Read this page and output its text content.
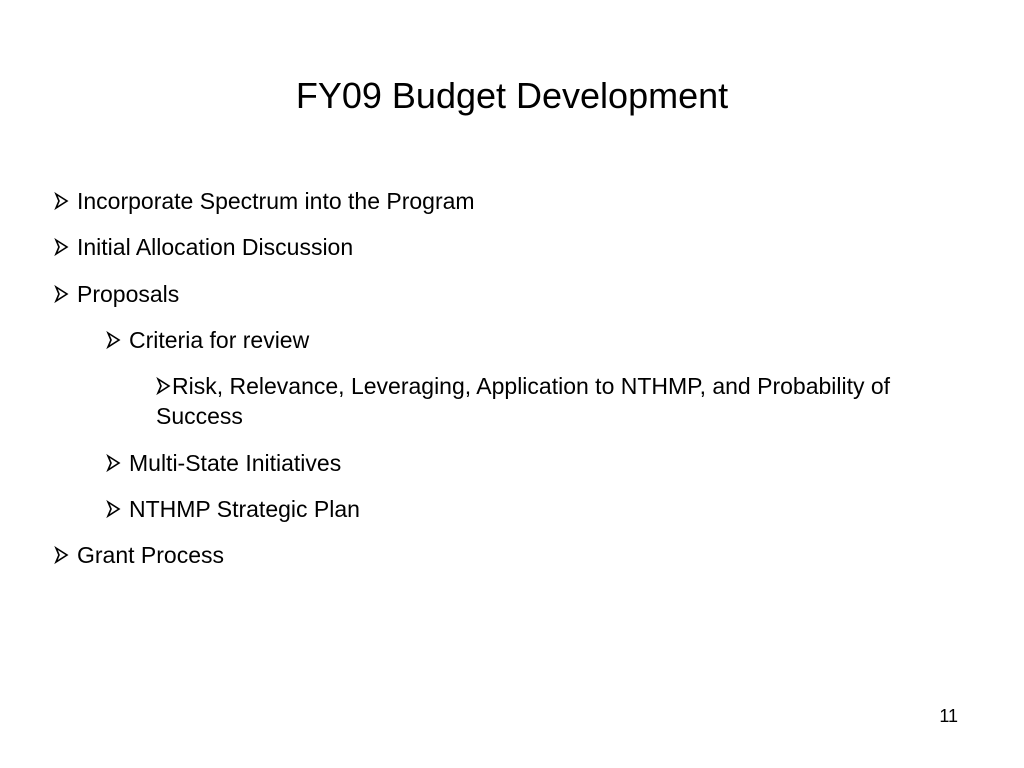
FY09 Budget Development
Incorporate Spectrum into the Program
Initial Allocation Discussion
Proposals
Criteria for review
Risk, Relevance, Leveraging, Application to NTHMP, and Probability of Success
Multi-State Initiatives
NTHMP Strategic Plan
Grant Process
11
